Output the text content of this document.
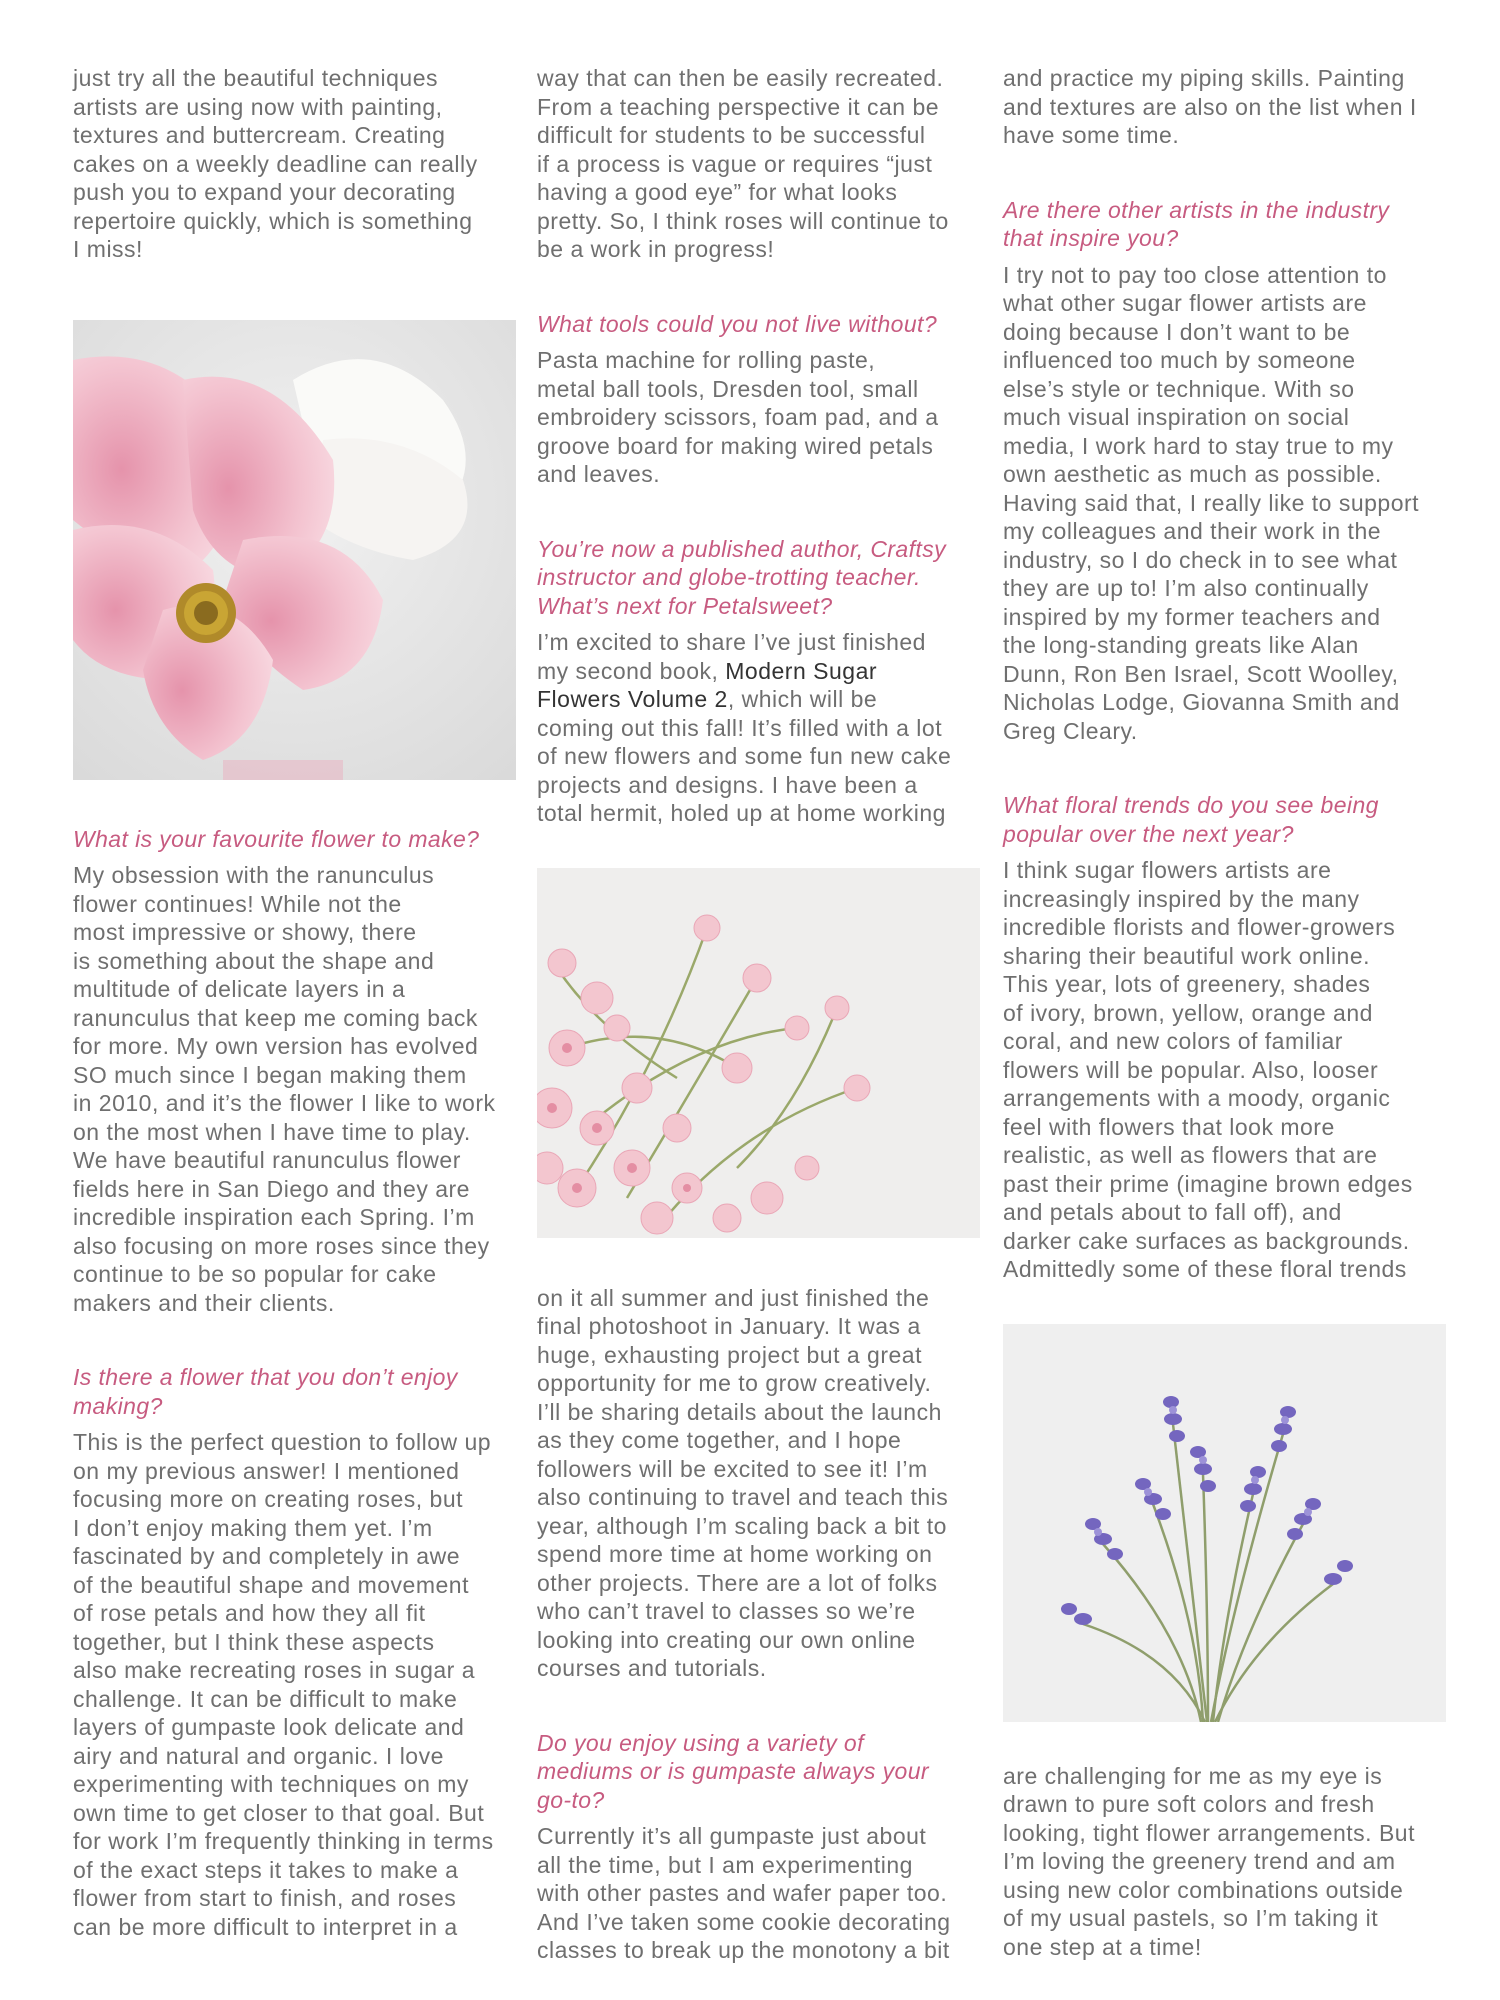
just try all the beautiful techniques
artists are using now with painting,
textures and buttercream. Creating
cakes on a weekly deadline can really
push you to expand your decorating
repertoire quickly, which is something
I miss!

What is your favourite flower to make?

My obsession with the ranunculus
flower continues! While not the
most impressive or showy, there
is something about the shape and
multitude of delicate layers in a
ranunculus that keep me coming back
for more. My own version has evolved
SO much since I began making them
in 2010, and it’s the flower I like to work
on the most when I have time to play.
We have beautiful ranunculus flower
fields here in San Diego and they are
incredible inspiration each Spring. I’m
also focusing on more roses since they
continue to be so popular for cake
makers and their clients.

Is there a flower that you don’t enjoy
making?

This is the perfect question to follow up
on my previous answer! I mentioned
focusing more on creating roses, but
I don’t enjoy making them yet. I’m
fascinated by and completely in awe
of the beautiful shape and movement
of rose petals and how they all fit
together, but I think these aspects
also make recreating roses in sugar a
challenge. It can be difficult to make
layers of gumpaste look delicate and
airy and natural and organic. I love
experimenting with techniques on my
own time to get closer to that goal. But
for work I’m frequently thinking in terms
of the exact steps it takes to make a
flower from start to finish, and roses
can be more difficult to interpret in a

way that can then be easily recreated.
From a teaching perspective it can be
difficult for students to be successful
if a process is vague or requires “just
having a good eye” for what looks
pretty. So, I think roses will continue to
be a work in progress!

What tools could you not live without?

Pasta machine for rolling paste,
metal ball tools, Dresden tool, small
embroidery scissors, foam pad, and a
groove board for making wired petals
and leaves.

You’re now a published author, Craftsy
instructor and globe-trotting teacher.
What’s next for Petalsweet?

I’m excited to share I’ve just finished
my second book, Modern Sugar
Flowers Volume 2, which will be
coming out this fall! It’s filled with a lot
of new flowers and some fun new cake
projects and designs. I have been a
total hermit, holed up at home working

on it all summer and just finished the
final photoshoot in January. It was a
huge, exhausting project but a great
opportunity for me to grow creatively.
I’ll be sharing details about the launch
as they come together, and I hope
followers will be excited to see it! I’m
also continuing to travel and teach this
year, although I’m scaling back a bit to
spend more time at home working on
other projects. There are a lot of folks
who can’t travel to classes so we’re
looking into creating our own online
courses and tutorials.

Do you enjoy using a variety of
mediums or is gumpaste always your
go-to?

Currently it’s all gumpaste just about
all the time, but I am experimenting
with other pastes and wafer paper too.
And I’ve taken some cookie decorating
classes to break up the monotony a bit

and practice my piping skills. Painting
and textures are also on the list when I
have some time.

Are there other artists in the industry
that inspire you?

I try not to pay too close attention to
what other sugar flower artists are
doing because I don’t want to be
influenced too much by someone
else’s style or technique. With so
much visual inspiration on social
media, I work hard to stay true to my
own aesthetic as much as possible.
Having said that, I really like to support
my colleagues and their work in the
industry, so I do check in to see what
they are up to! I’m also continually
inspired by my former teachers and
the long-standing greats like Alan
Dunn, Ron Ben Israel, Scott Woolley,
Nicholas Lodge, Giovanna Smith and
Greg Cleary.

What floral trends do you see being
popular over the next year?

I think sugar flowers artists are
increasingly inspired by the many
incredible florists and flower-growers
sharing their beautiful work online.
This year, lots of greenery, shades
of ivory, brown, yellow, orange and
coral, and new colors of familiar
flowers will be popular. Also, looser
arrangements with a moody, organic
feel with flowers that look more
realistic, as well as flowers that are
past their prime (imagine brown edges
and petals about to fall off), and
darker cake surfaces as backgrounds.
Admittedly some of these floral trends

are challenging for me as my eye is
drawn to pure soft colors and fresh
looking, tight flower arrangements. But
I’m loving the greenery trend and am
using new color combinations outside
of my usual pastels, so I’m taking it
one step at a time!
